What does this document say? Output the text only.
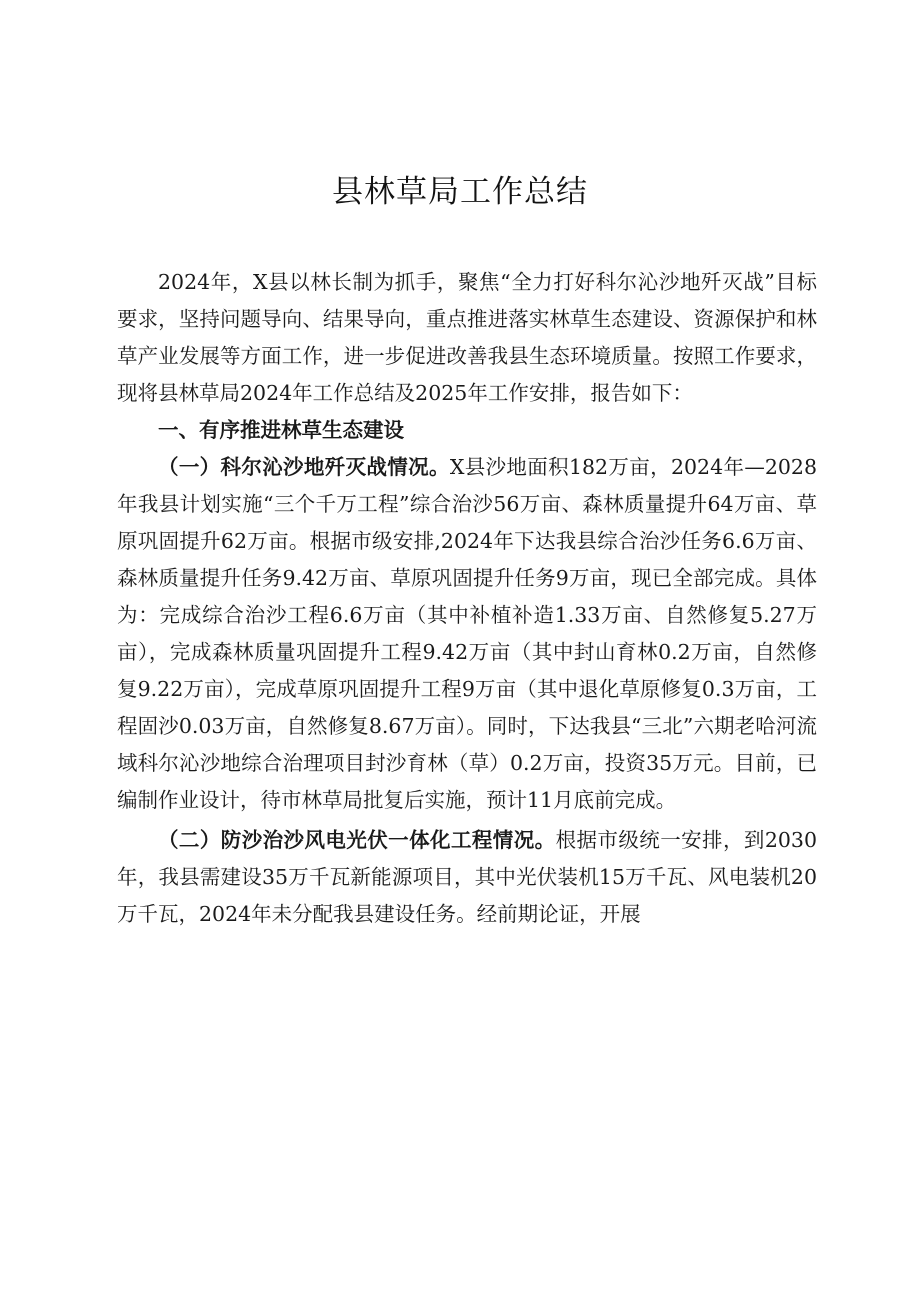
县林草局工作总结

2024年，X县以林长制为抓手，聚焦“全力打好科尔沁沙地歼灭战”目标要求，坚持问题导向、结果导向，重点推进落实林草生态建设、资源保护和林草产业发展等方面工作，进一步促进改善我县生态环境质量。按照工作要求，现将县林草局2024年工作总结及2025年工作安排，报告如下：

一、有序推进林草生态建设

（一）科尔沁沙地歼灭战情况。X县沙地面积182万亩，2024年—2028年我县计划实施“三个千万工程”综合治沙56万亩、森林质量提升64万亩、草原巩固提升62万亩。根据市级安排,2024年下达我县综合治沙任务6.6万亩、森林质量提升任务9.42万亩、草原巩固提升任务9万亩，现已全部完成。具体为：完成综合治沙工程6.6万亩（其中补植补造1.33万亩、自然修复5.27万亩），完成森林质量巩固提升工程9.42万亩（其中封山育林0.2万亩，自然修复9.22万亩），完成草原巩固提升工程9万亩（其中退化草原修复0.3万亩，工程固沙0.03万亩，自然修复8.67万亩）。同时，下达我县“三北”六期老哈河流域科尔沁沙地综合治理项目封沙育林（草）0.2万亩，投资35万元。目前，已编制作业设计，待市林草局批复后实施，预计11月底前完成。

（二）防沙治沙风电光伏一体化工程情况。根据市级统一安排，到2030年，我县需建设35万千瓦新能源项目，其中光伏装机15万千瓦、风电装机20万千瓦，2024年未分配我县建设任务。经前期论证，开展
